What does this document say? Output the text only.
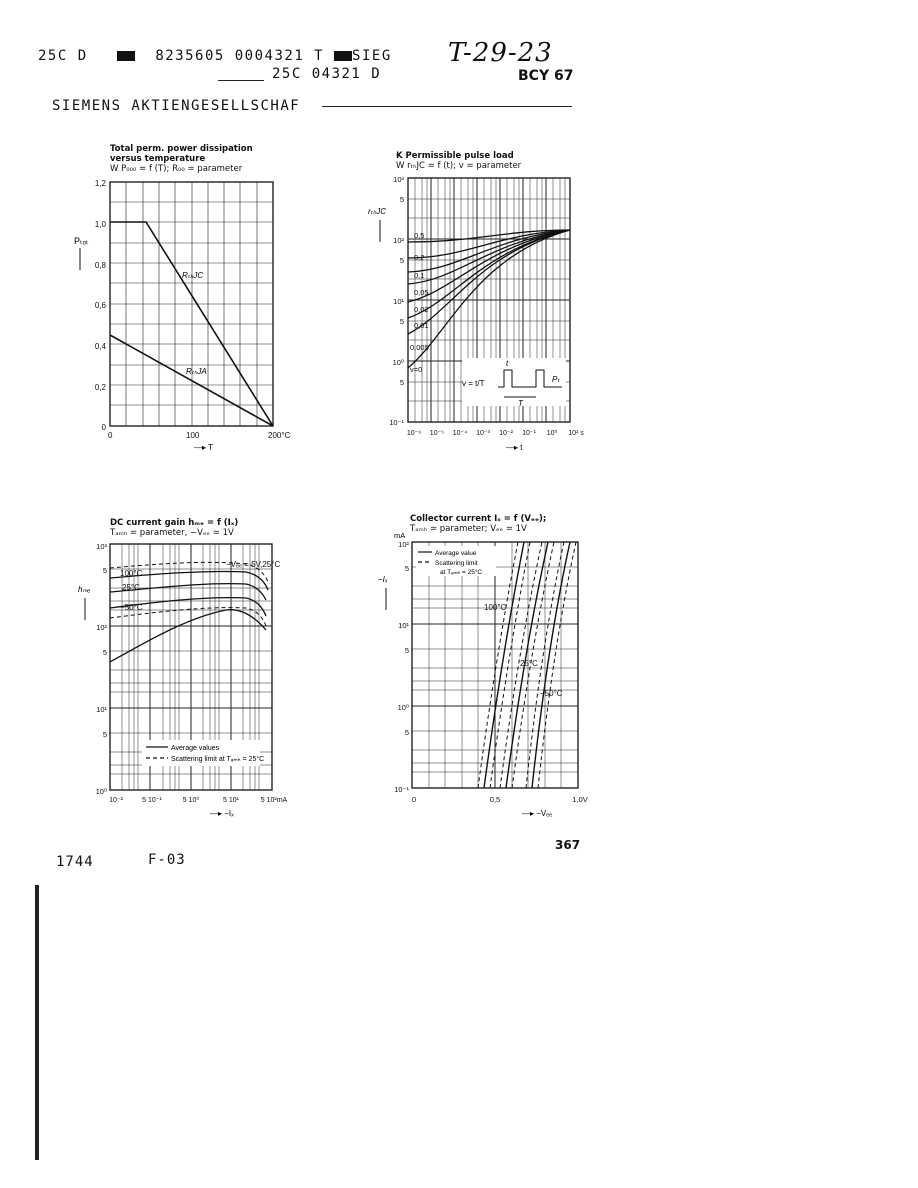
25C D	8235605 0004321 T SIEG
25C 04321 D
T-29-23
BCY 67
SIEMENS AKTIENGESELLSCHAF
Total perm. power dissipation
versus temperature
W P₀₀₀ = f (T); R₀₀ = parameter
1,2
1,0
0,8
0,6
0,4
0,2
0
0	100	200°C
—▸ T
Pₜₒₜ
RₜₕJC
RₜₕJA
K Permissible pulse load
W rₜₕJC = f (t); v = parameter
0,5
0,2
0,1
0,05
0,02
0,01
0,005
v=0
v = t/T
t
T
Pₜ
10³
5
10²
5
10¹
5
10⁰
5
10⁻¹
10⁻⁶ 10⁻⁵ 10⁻⁴ 10⁻³ 10⁻² 10⁻¹ 10⁰ 10¹ s
—▸ t
rₜₕJC
DC current gain hₘₑ = f (Iₓ)
Tₐₘₕ = parameter, −Vₑₑ = 1V
100°C
25°C
−50°C
−Vₑₑ = 5V,25°C
Average values
Scattering limit at Tₐₘₕ = 25°C
10³
5
10²
5
10¹
5
10⁰
10⁻²	5 10⁻¹	5 10⁰	5 10¹	5 10²mA
—▸ −Iₓ
hₘₑ
Collector current Iₓ = f (Vₑₑ);
Tₐₘₕ = parameter; Vₑₑ = 1V
Average value
Scattering limit
at Tₐₘₕ = 25°C
100°C
25°C
−50°C
10²
5
10¹
5
10⁰
5
10⁻¹
mA
0	0,5	1,0V
—▸ −Vₑₑ
−Iₓ
367
1744	F-03
